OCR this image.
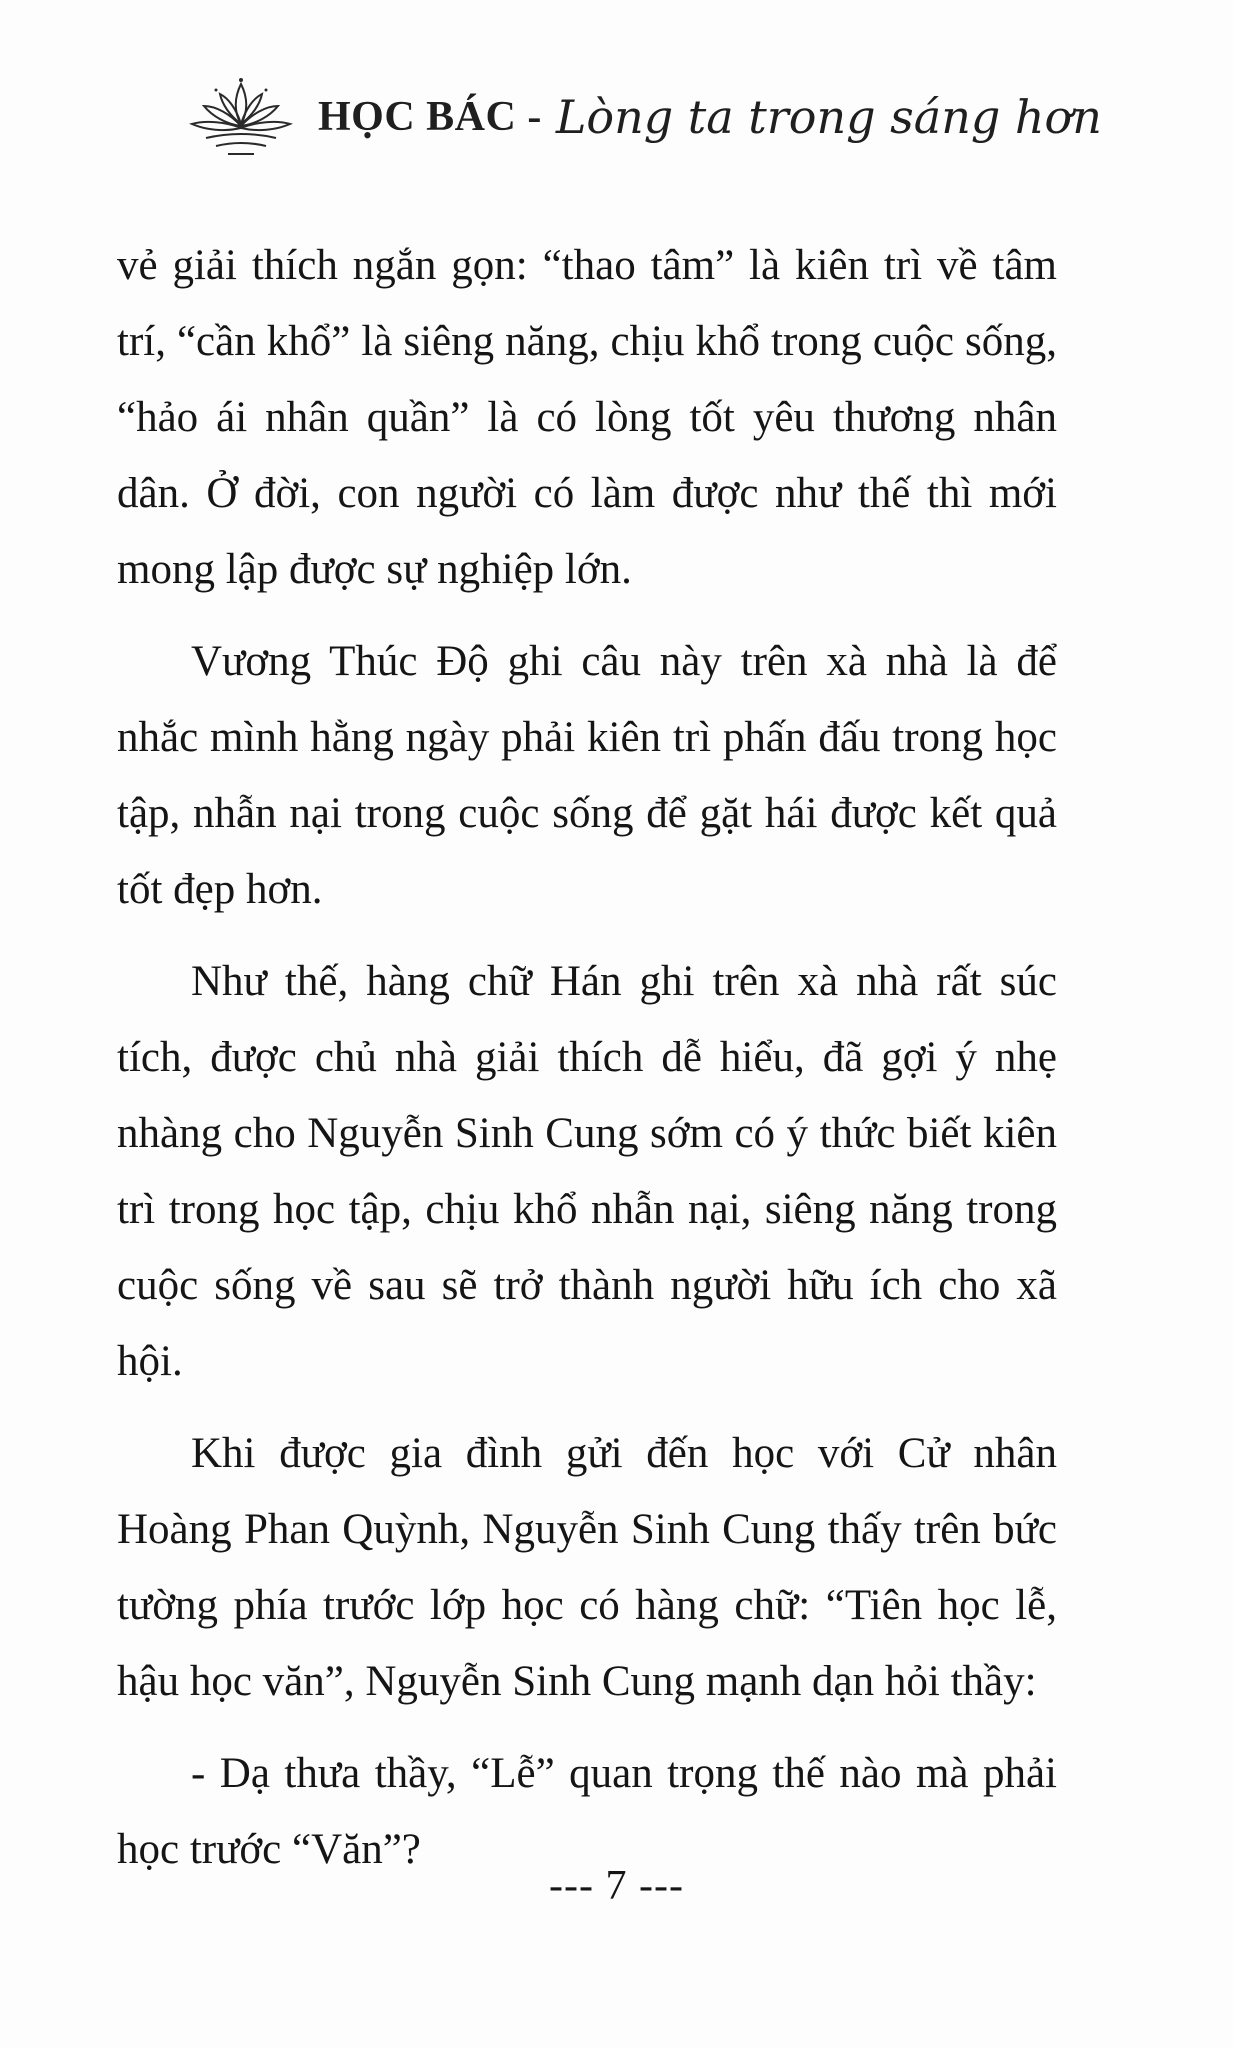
HỌC BÁC - Lòng ta trong sáng hơn

vẻ giải thích ngắn gọn: “thao tâm” là kiên trì về tâm trí, “cần khổ” là siêng năng, chịu khổ trong cuộc sống, “hảo ái nhân quần” là có lòng tốt yêu thương nhân dân. Ở đời, con người có làm được như thế thì mới mong lập được sự nghiệp lớn.

Vương Thúc Độ ghi câu này trên xà nhà là để nhắc mình hằng ngày phải kiên trì phấn đấu trong học tập, nhẫn nại trong cuộc sống để gặt hái được kết quả tốt đẹp hơn.

Như thế, hàng chữ Hán ghi trên xà nhà rất súc tích, được chủ nhà giải thích dễ hiểu, đã gợi ý nhẹ nhàng cho Nguyễn Sinh Cung sớm có ý thức biết kiên trì trong học tập, chịu khổ nhẫn nại, siêng năng trong cuộc sống về sau sẽ trở thành người hữu ích cho xã hội.

Khi được gia đình gửi đến học với Cử nhân Hoàng Phan Quỳnh, Nguyễn Sinh Cung thấy trên bức tường phía trước lớp học có hàng chữ: “Tiên học lễ, hậu học văn”, Nguyễn Sinh Cung mạnh dạn hỏi thầy:

- Dạ thưa thầy, “Lễ” quan trọng thế nào mà phải học trước “Văn”?

--- 7 ---
